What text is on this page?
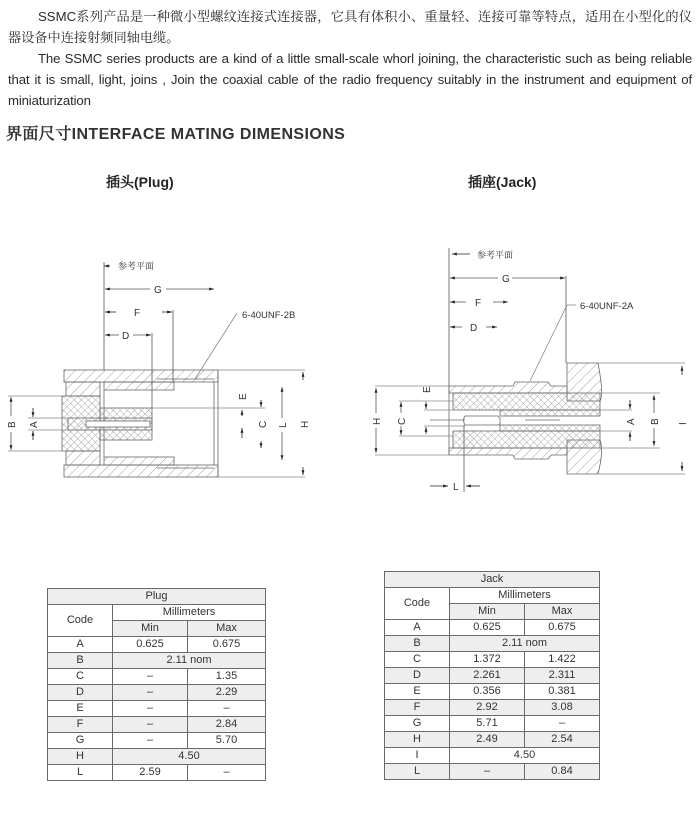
SSMC系列产品是一种微小型螺纹连接式连接器，它具有体积小、重量轻、连接可靠等特点，适用在小型化的仪器设备中连接射频同轴电缆。

The SSMC series products are a kind of a little small-scale whorl joining, the characteristic such as being reliable that it is small, light, joins , Join the coaxial cable of the radio frequency suitably in the instrument and equipment of miniaturization

界面尺寸INTERFACE MATING DIMENSIONS
插头(Plug)	插座(Jack)
参考平面
G
F
D
6-40UNF-2B
E
C L H
B A
参考平面
G
F
D
6-40UNF-2A
E
C
H
L
A B I
Plug		
Code	Millimeters	
	Min	Max
A	0.625	0.675
B	2.11 nom	
C	–	1.35
D	–	2.29
E	–	–
F	–	2.84
G	–	5.70
H	4.50	
L	2.59	–
Jack		
Code	Millimeters	
	Min	Max
A	0.625	0.675
B	2.11 nom	
C	1.372	1.422
D	2.261	2.311
E	0.356	0.381
F	2.92	3.08
G	5.71	–
H	2.49	2.54
I	4.50	
L	–	0.84
